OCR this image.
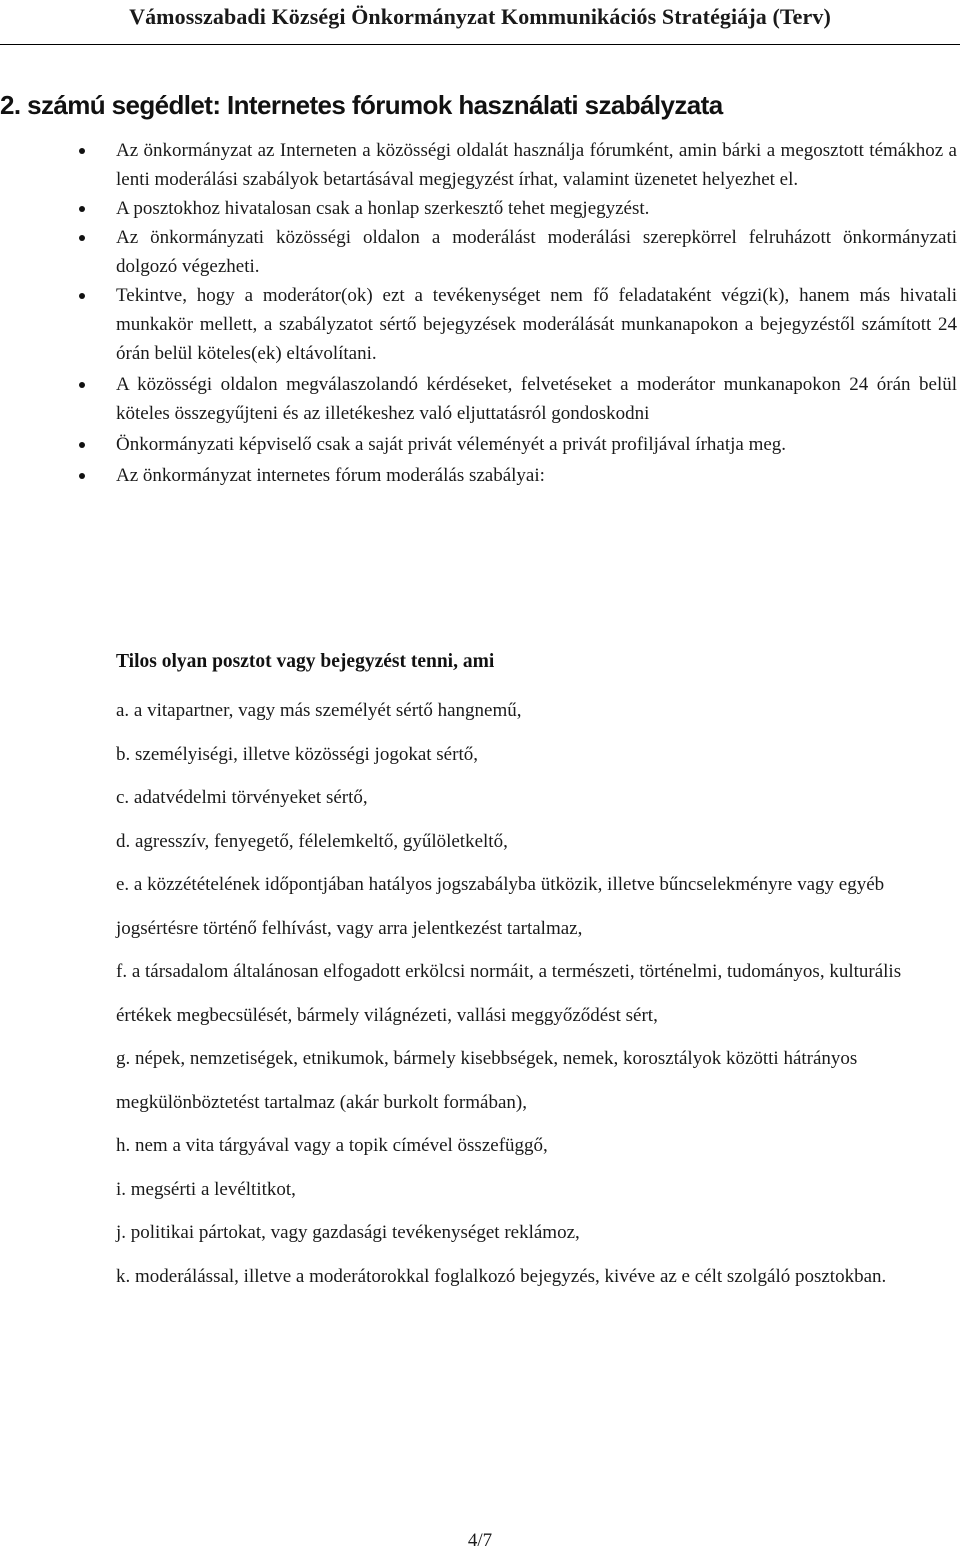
Vámosszabadi Községi Önkormányzat Kommunikációs Stratégiája (Terv)
2. számú segédlet: Internetes fórumok használati szabályzata
Az önkormányzat az Interneten a közösségi oldalát használja fórumként, amin bárki a megosztott témákhoz a lenti moderálási szabályok betartásával megjegyzést írhat, valamint üzenetet helyezhet el.
A posztokhoz hivatalosan csak a honlap szerkesztő tehet megjegyzést.
Az önkormányzati közösségi oldalon a moderálást moderálási szerepkörrel felruházott önkormányzati dolgozó végezheti.
Tekintve, hogy a moderátor(ok) ezt a tevékenységet nem fő feladataként végzi(k), hanem más hivatali munkakör mellett, a szabályzatot sértő bejegyzések moderálását munkanapokon a bejegyzéstől számított 24 órán belül köteles(ek) eltávolítani.
A közösségi oldalon megválaszolandó kérdéseket, felvetéseket a moderátor munkanapokon 24 órán belül köteles összegyűjteni és az illetékeshez való eljuttatásról gondoskodni
Önkormányzati képviselő csak a saját privát véleményét a privát profiljával írhatja meg.
Az önkormányzat internetes fórum moderálás szabályai:

Tilos olyan posztot vagy bejegyzést tenni, ami

a. a vitapartner, vagy más személyét sértő hangnemű,
b. személyiségi, illetve közösségi jogokat sértő,
c. adatvédelmi törvényeket sértő,
d. agresszív, fenyegető, félelemkeltő, gyűlöletkeltő,
e. a közzétételének időpontjában hatályos jogszabályba ütközik, illetve bűncselekményre vagy egyéb jogsértésre történő felhívást, vagy arra jelentkezést tartalmaz,
f. a társadalom általánosan elfogadott erkölcsi normáit, a természeti, történelmi, tudományos, kulturális értékek megbecsülését, bármely világnézeti, vallási meggyőződést sért,
g. népek, nemzetiségek, etnikumok, bármely kisebbségek, nemek, korosztályok közötti hátrányos megkülönböztetést tartalmaz (akár burkolt formában),
h. nem a vita tárgyával vagy a topik címével összefüggő,
i. megsérti a levéltitkot,
j. politikai pártokat, vagy gazdasági tevékenységet reklámoz,
k. moderálással, illetve a moderátorokkal foglalkozó bejegyzés, kivéve az e célt szolgáló posztokban.
4/7
